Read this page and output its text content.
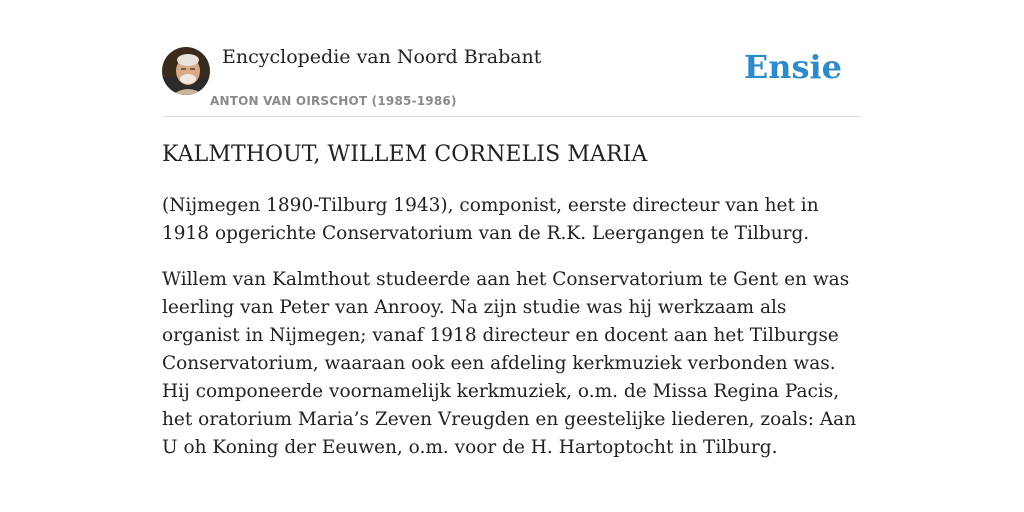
Encyclopedie van Noord Brabant
ANTON VAN OIRSCHOT (1985-1986)
Ensie
KALMTHOUT, WILLEM CORNELIS MARIA

(Nijmegen 1890-Tilburg 1943), componist, eerste directeur van het in 1918 opgerichte Conservatorium van de R.K. Leergangen te Tilburg.

Willem van Kalmthout studeerde aan het Conservatorium te Gent en was leerling van Peter van Anrooy. Na zijn studie was hij werkzaam als organist in Nijmegen; vanaf 1918 directeur en docent aan het Tilburgse Conservatorium, waaraan ook een afdeling kerkmuziek verbonden was. Hij componeerde voornamelijk kerkmuziek, o.m. de Missa Regina Pacis, het oratorium Maria’s Zeven Vreugden en geestelijke liederen, zoals: Aan U oh Koning der Eeuwen, o.m. voor de H. Hartoptocht in Tilburg.
